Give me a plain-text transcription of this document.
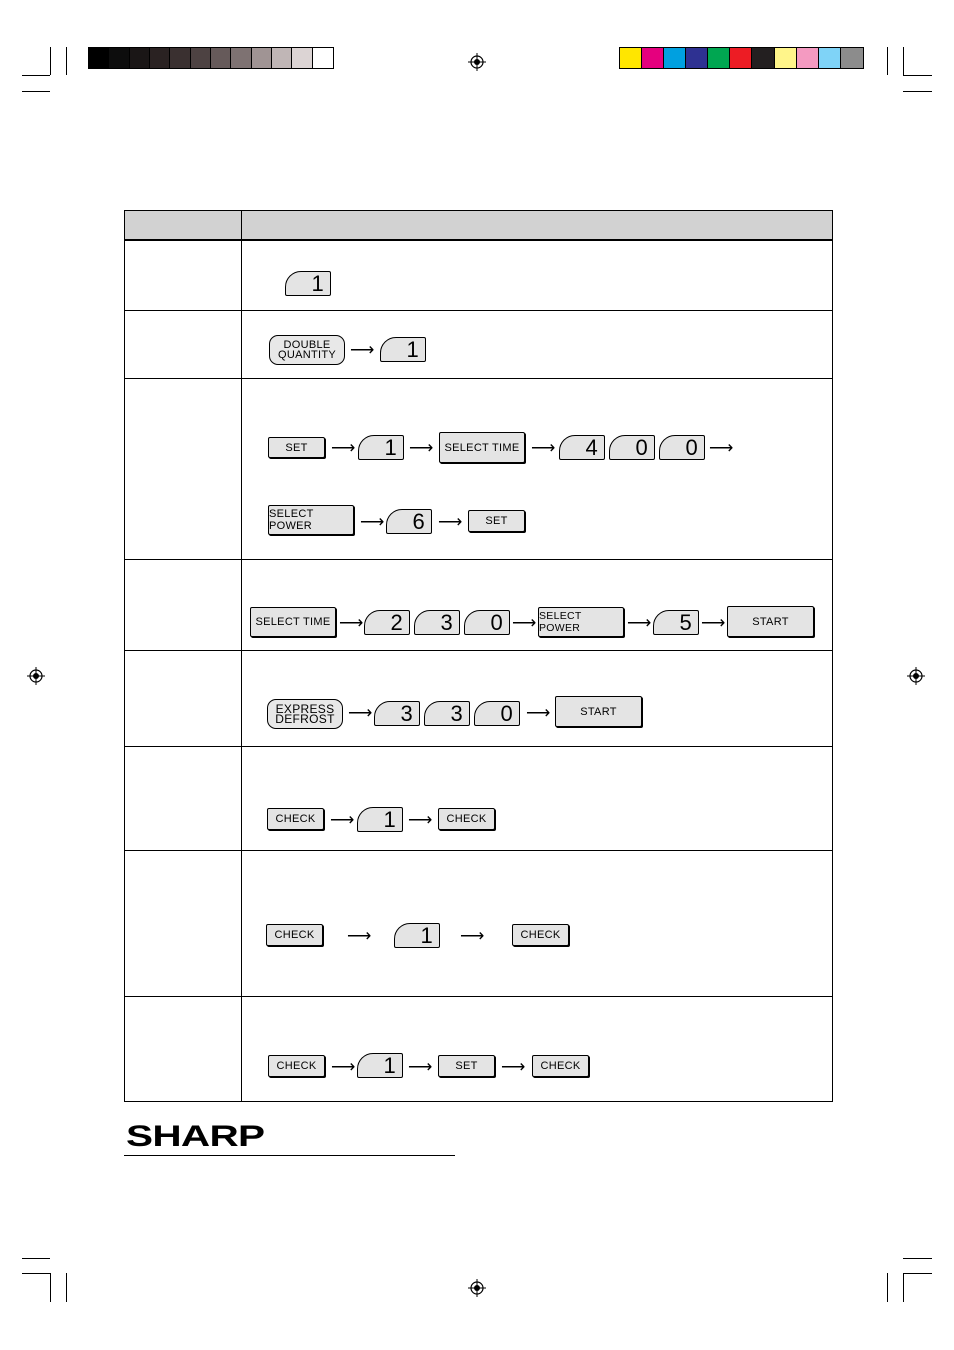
1
DOUBLE
QUANTITY ⟶	1
SET	⟶	1 ⟶	SELECT TIME ⟶	4	0	0 ⟶
SELECT POWER	⟶	6 ⟶	SET
SELECT TIME ⟶	2	3	0 ⟶ SELECT POWER	⟶	5 ⟶	START
EXPRESS
DEFROST ⟶	3	3	0 ⟶	START
CHECK ⟶	1 ⟶	CHECK
CHECK	⟶	1	⟶	CHECK
CHECK ⟶	1 ⟶	SET	⟶	CHECK
SHARP
